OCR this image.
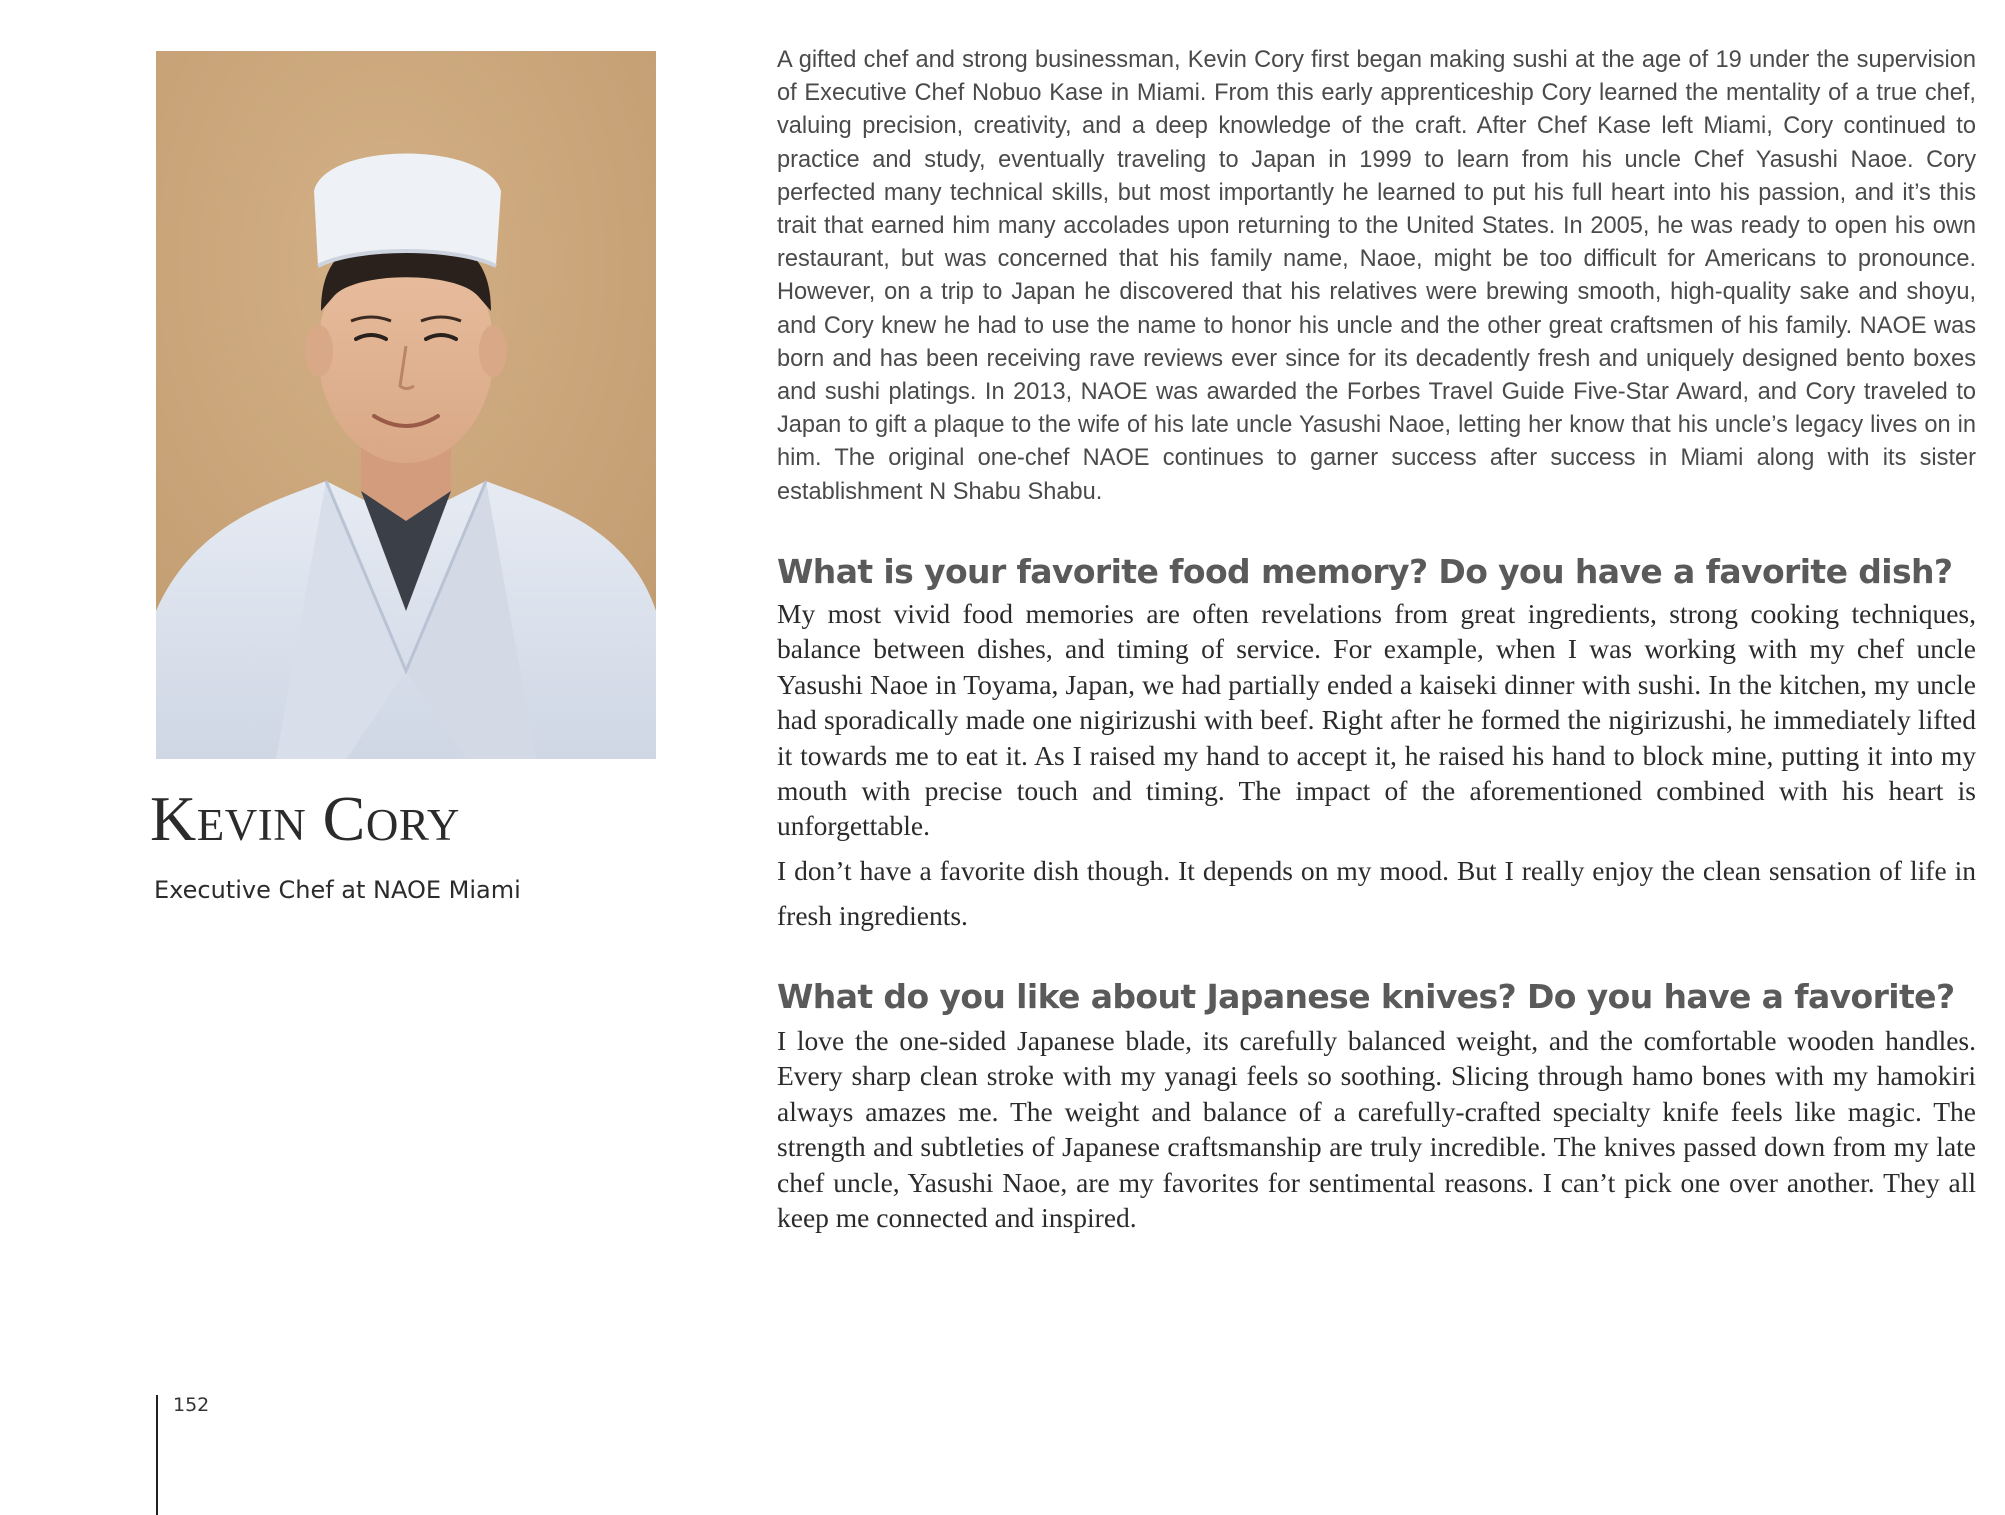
Kevin Cory
Executive Chef at NAOE Miami

A gifted chef and strong businessman, Kevin Cory first began making sushi at the age of 19 under the supervision of Executive Chef Nobuo Kase in Miami. From this early apprenticeship Cory learned the mentality of a true chef, valuing precision, creativity, and a deep knowledge of the craft. After Chef Kase left Miami, Cory continued to practice and study, eventually traveling to Japan in 1999 to learn from his uncle Chef Yasushi Naoe. Cory perfected many technical skills, but most importantly he learned to put his full heart into his passion, and it’s this trait that earned him many accolades upon returning to the United States. In 2005, he was ready to open his own restaurant, but was concerned that his family name, Naoe, might be too difficult for Americans to pronounce. However, on a trip to Japan he discovered that his relatives were brewing smooth, high-quality sake and shoyu, and Cory knew he had to use the name to honor his uncle and the other great craftsmen of his family. NAOE was born and has been receiving rave reviews ever since for its decadently fresh and uniquely designed bento boxes and sushi platings. In 2013, NAOE was awarded the Forbes Travel Guide Five-Star Award, and Cory traveled to Japan to gift a plaque to the wife of his late uncle Yasushi Naoe, letting her know that his uncle’s legacy lives on in him. The original one-chef NAOE continues to garner success after success in Miami along with its sister establishment N Shabu Shabu.

What is your favorite food memory? Do you have a favorite dish?

My most vivid food memories are often revelations from great ingredients, strong cooking techniques, balance between dishes, and timing of service. For example, when I was working with my chef uncle Yasushi Naoe in Toyama, Japan, we had partially ended a kaiseki dinner with sushi. In the kitchen, my uncle had sporadically made one nigirizushi with beef. Right after he formed the nigirizushi, he immediately lifted it towards me to eat it. As I raised my hand to accept it, he raised his hand to block mine, putting it into my mouth with precise touch and timing. The impact of the aforementioned combined with his heart is unforgettable.

I don’t have a favorite dish though. It depends on my mood. But I really enjoy the clean sensation of life in fresh ingredients.

What do you like about Japanese knives? Do you have a favorite?

I love the one-sided Japanese blade, its carefully balanced weight, and the comfortable wooden handles. Every sharp clean stroke with my yanagi feels so soothing. Slicing through hamo bones with my hamokiri always amazes me. The weight and balance of a carefully-crafted specialty knife feels like magic. The strength and subtleties of Japanese craftsmanship are truly incredible. The knives passed down from my late chef uncle, Yasushi Naoe, are my favorites for sentimental reasons. I can’t pick one over another. They all keep me connected and inspired.

152
